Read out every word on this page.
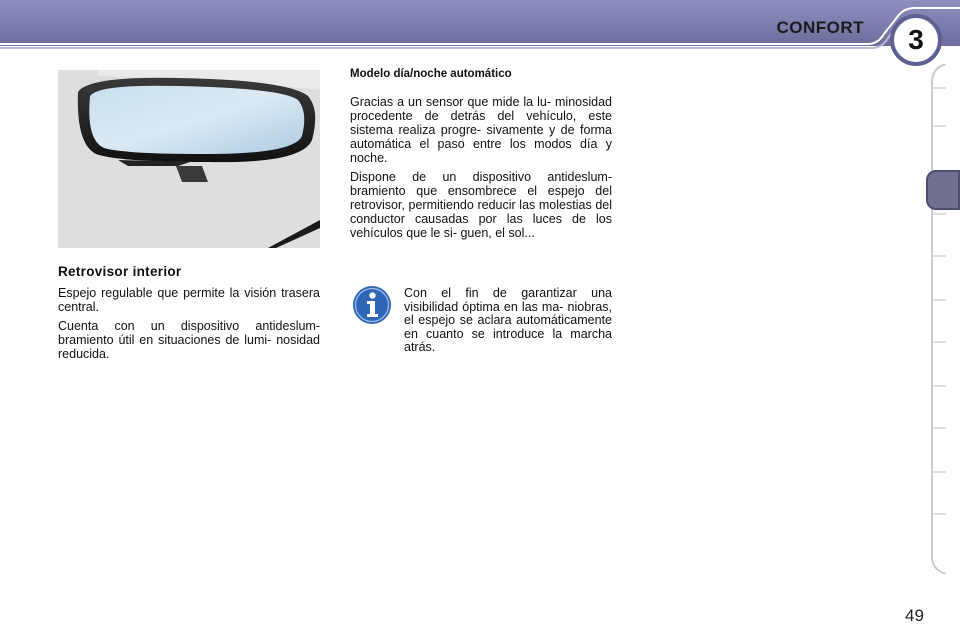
CONFORT 3
Retrovisor interior

Espejo regulable que permite la visión trasera central.

Cuenta con un dispositivo antideslum- bramiento útil en situaciones de lumi- nosidad reducida.

Modelo día/noche automático

Gracias a un sensor que mide la lu- minosidad procedente de detrás del vehículo, este sistema realiza progre- sivamente y de forma automática el paso entre los modos día y noche.

Dispone de un dispositivo antideslum- bramiento que ensombrece el espejo del retrovisor, permitiendo reducir las molestias del conductor causadas por las luces de los vehículos que le si- guen, el sol...

Con el fin de garantizar una visibilidad óptima en las ma- niobras, el espejo se aclara automáticamente en cuanto se introduce la marcha atrás.
49
